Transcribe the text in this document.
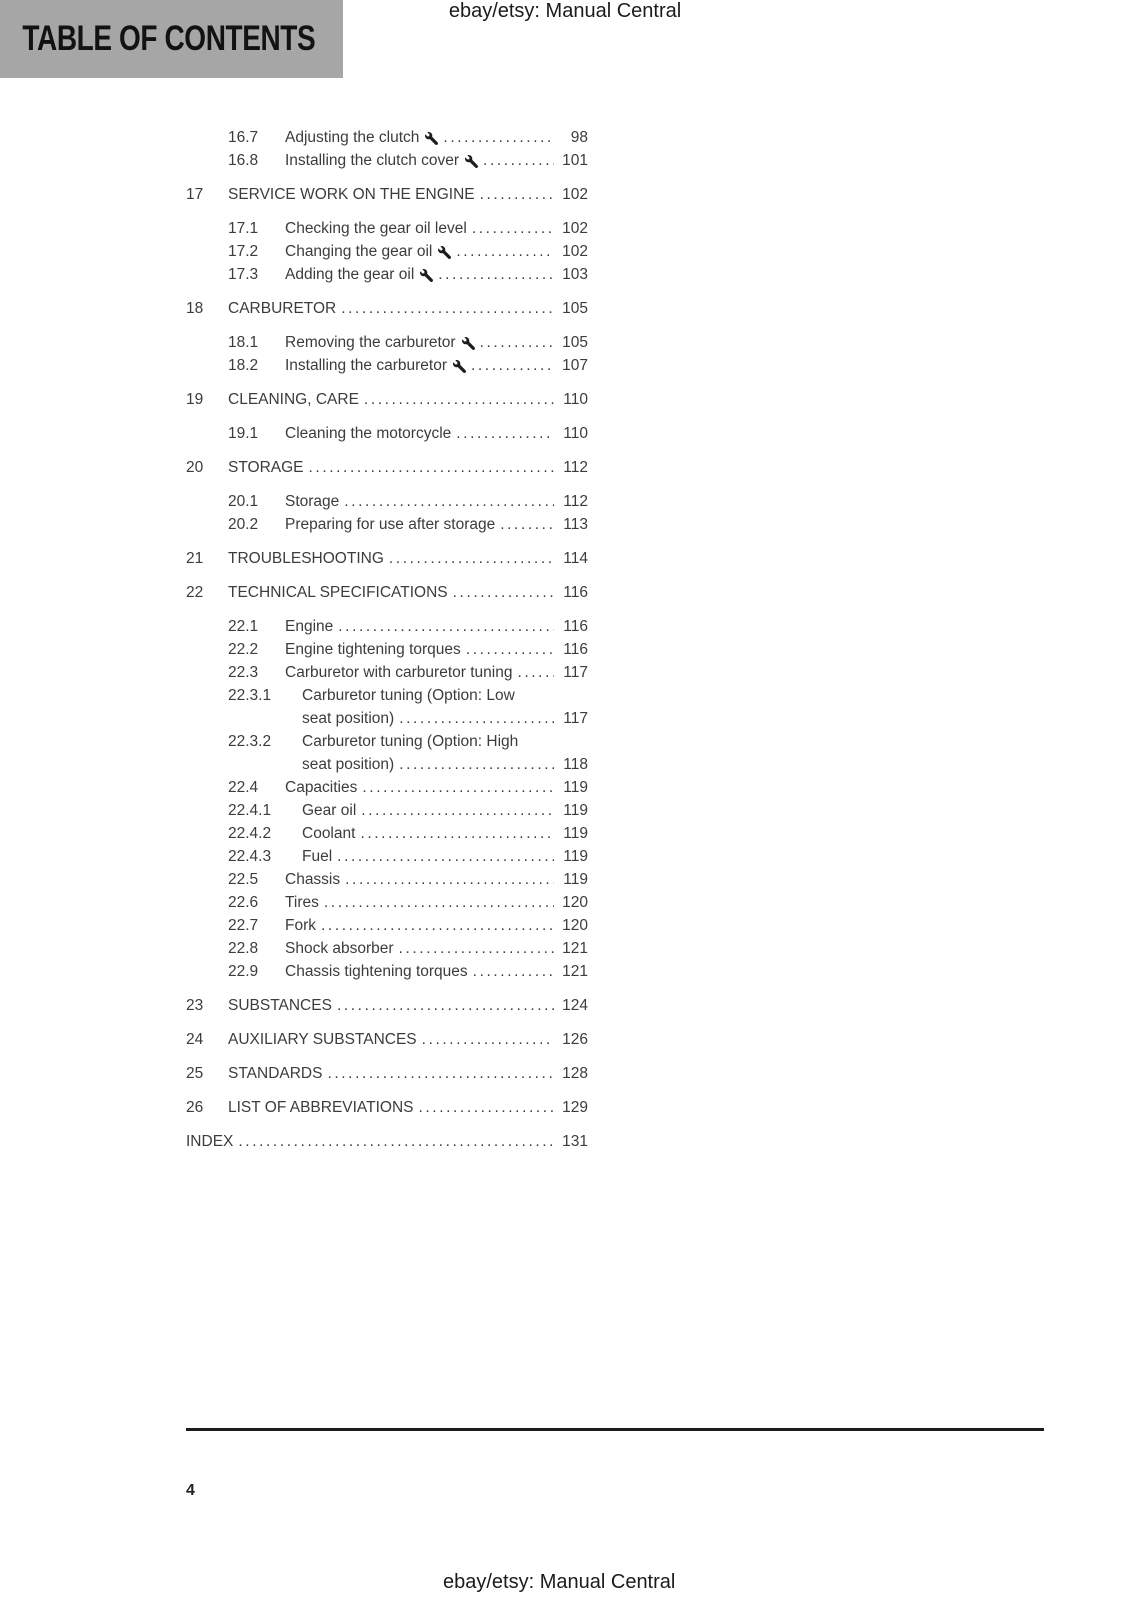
ebay/etsy: Manual Central
TABLE OF CONTENTS
16.7	Adjusting the clutch .....	98
16.8	Installing the clutch cover .....	101
17	SERVICE WORK ON THE ENGINE .....	102
17.1	Checking the gear oil level .....	102
17.2	Changing the gear oil .....	102
17.3	Adding the gear oil .....	103
18	CARBURETOR .....	105
18.1	Removing the carburetor .....	105
18.2	Installing the carburetor .....	107
19	CLEANING, CARE .....	110
19.1	Cleaning the motorcycle .....	110
20	STORAGE .....	112
20.1	Storage .....	112
20.2	Preparing for use after storage .....	113
21	TROUBLESHOOTING .....	114
22	TECHNICAL SPECIFICATIONS .....	116
22.1	Engine .....	116
22.2	Engine tightening torques .....	116
22.3	Carburetor with carburetor tuning .....	117
22.3.1	Carburetor tuning (Option: Low
seat position) .....	117
22.3.2	Carburetor tuning (Option: High
seat position) .....	118
22.4	Capacities .....	119
22.4.1	Gear oil .....	119
22.4.2	Coolant .....	119
22.4.3	Fuel .....	119
22.5	Chassis .....	119
22.6	Tires .....	120
22.7	Fork .....	120
22.8	Shock absorber .....	121
22.9	Chassis tightening torques .....	121
23	SUBSTANCES .....	124
24	AUXILIARY SUBSTANCES .....	126
25	STANDARDS .....	128
26	LIST OF ABBREVIATIONS .....	129
INDEX .....	131
4
ebay/etsy: Manual Central
